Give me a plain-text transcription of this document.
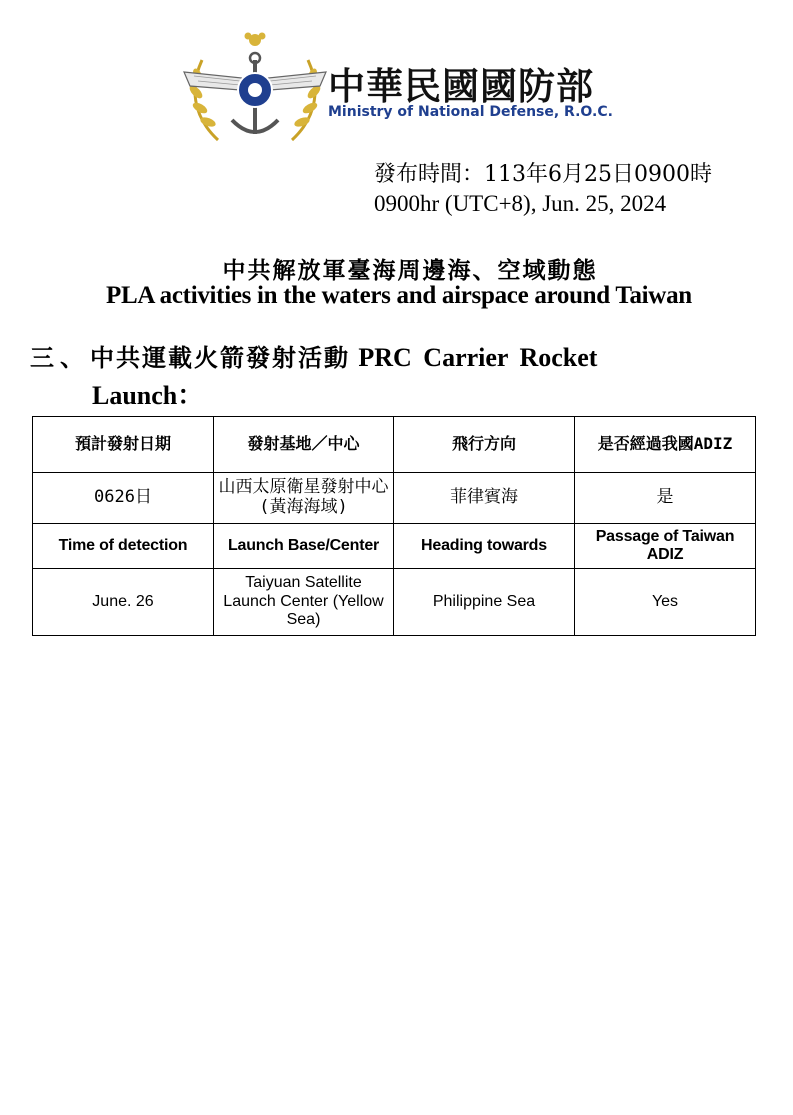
中華民國國防部
Ministry of National Defense, R.O.C.
發布時間：113年6月25日0900時
0900hr (UTC+8), Jun. 25, 2024
中共解放軍臺海周邊海、空域動態
PLA activities in the waters and airspace around Taiwan
三、中共運載火箭發射活動 PRC Carrier Rocket
Launch：
預計發射日期	發射基地／中心	飛行方向	是否經過我國ADIZ
0626日	山西太原衛星發射中心(黃海海域)	菲律賓海	是
Time of detection	Launch Base/Center	Heading towards	Passage of Taiwan ADIZ
June. 26	Taiyuan Satellite Launch Center (Yellow Sea)	Philippine Sea	Yes
